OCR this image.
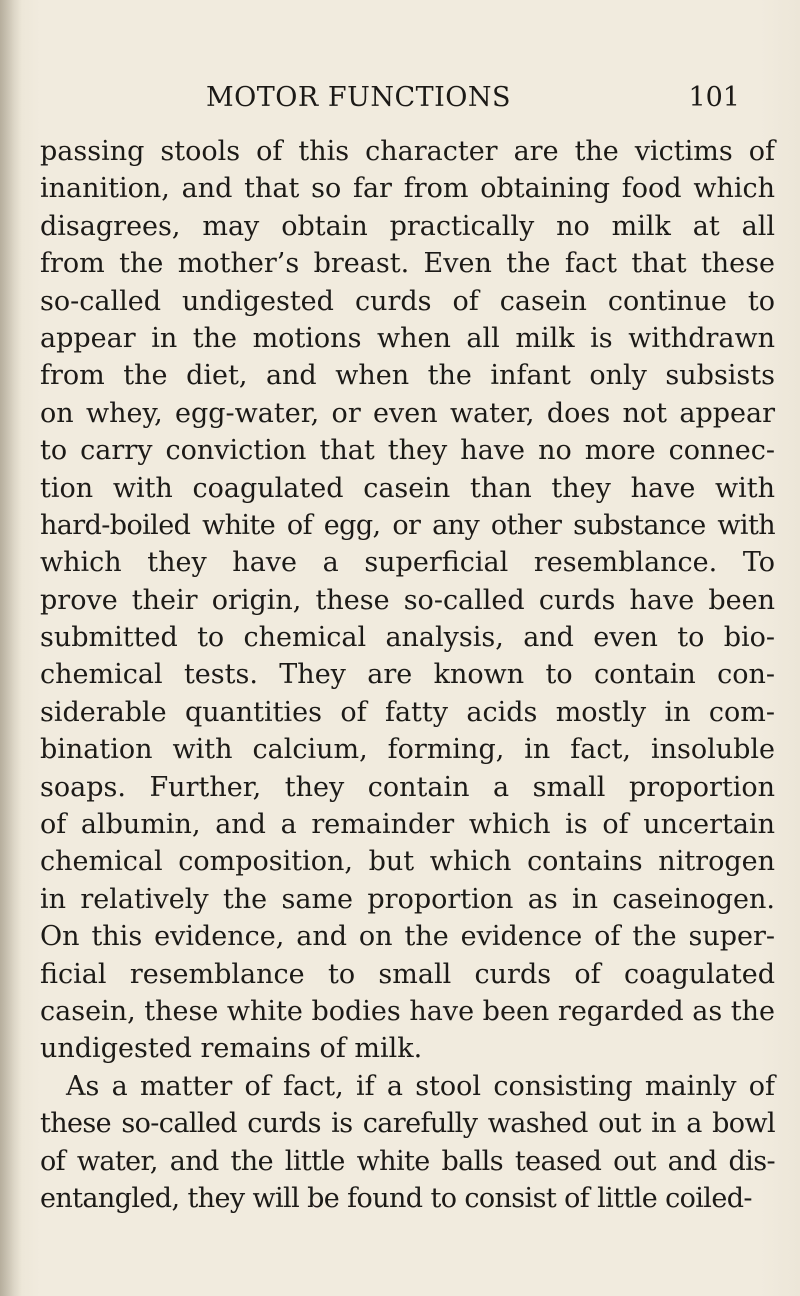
MOTOR FUNCTIONS	101
passing stools of this character are the victims of
inanition, and that so far from obtaining food which
disagrees, may obtain practically no milk at all
from the mother’s breast. Even the fact that these
so-called undigested curds of casein continue to
appear in the motions when all milk is withdrawn
from the diet, and when the infant only subsists
on whey, egg-water, or even water, does not appear
to carry conviction that they have no more connec-
tion with coagulated casein than they have with
hard-boiled white of egg, or any other substance with
which they have a superficial resemblance. To
prove their origin, these so-called curds have been
submitted to chemical analysis, and even to bio-
chemical tests. They are known to contain con-
siderable quantities of fatty acids mostly in com-
bination with calcium, forming, in fact, insoluble
soaps. Further, they contain a small proportion
of albumin, and a remainder which is of uncertain
chemical composition, but which contains nitrogen
in relatively the same proportion as in caseinogen.
On this evidence, and on the evidence of the super-
ficial resemblance to small curds of coagulated
casein, these white bodies have been regarded as the
undigested remains of milk.
As a matter of fact, if a stool consisting mainly of
these so-called curds is carefully washed out in a bowl
of water, and the little white balls teased out and dis-
entangled, they will be found to consist of little coiled-
